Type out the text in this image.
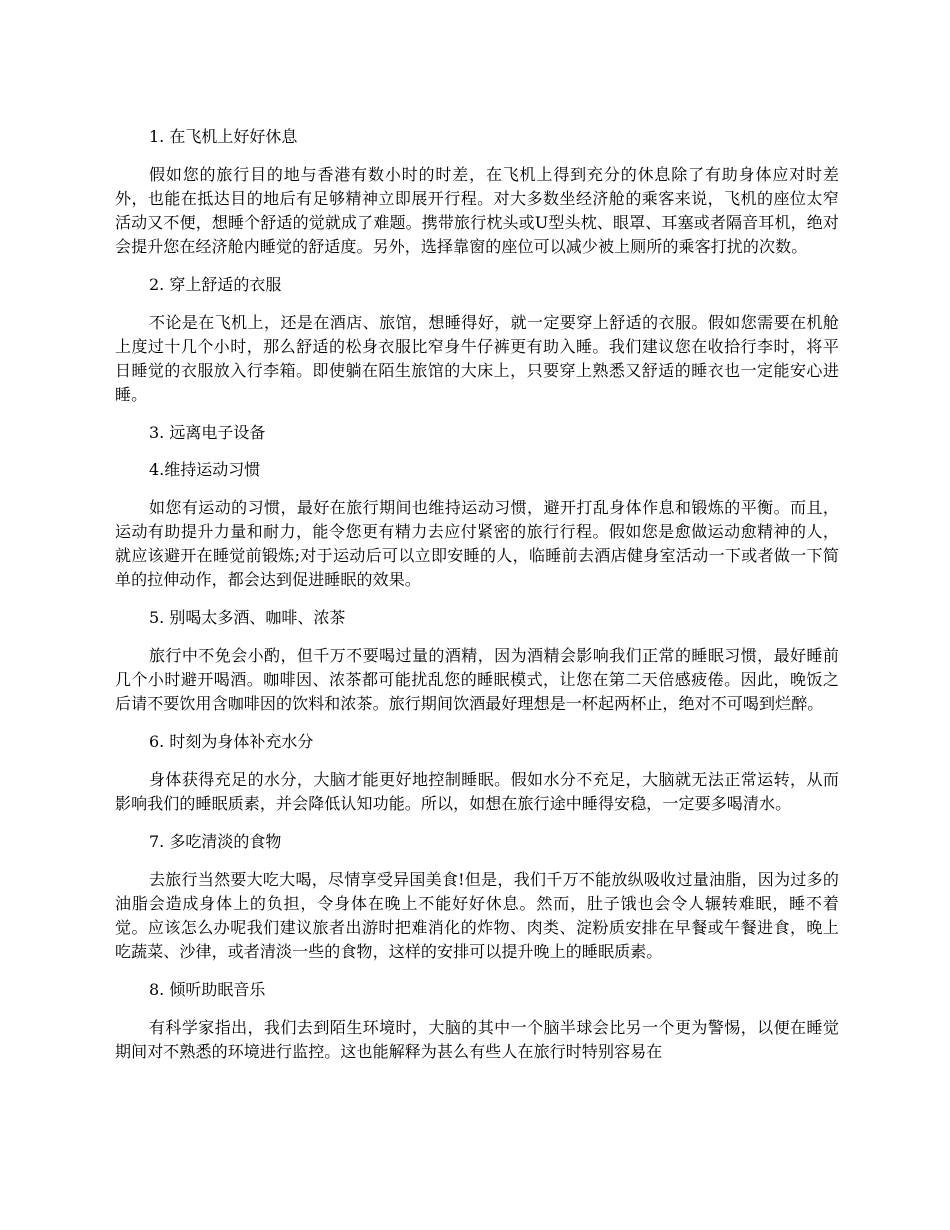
1. 在飞机上好好休息

假如您的旅行目的地与香港有数小时的时差，在飞机上得到充分的休息除了有助身体应对时差外，也能在抵达目的地后有足够精神立即展开行程。对大多数坐经济舱的乘客来说，飞机的座位太窄活动又不便，想睡个舒适的觉就成了难题。携带旅行枕头或U型头枕、眼罩、耳塞或者隔音耳机，绝对会提升您在经济舱内睡觉的舒适度。另外，选择靠窗的座位可以减少被上厕所的乘客打扰的次数。

2. 穿上舒适的衣服

不论是在飞机上，还是在酒店、旅馆，想睡得好，就一定要穿上舒适的衣服。假如您需要在机舱上度过十几个小时，那么舒适的松身衣服比窄身牛仔裤更有助入睡。我们建议您在收拾行李时，将平日睡觉的衣服放入行李箱。即使躺在陌生旅馆的大床上，只要穿上熟悉又舒适的睡衣也一定能安心进睡。

3. 远离电子设备
4.维持运动习惯

如您有运动的习惯，最好在旅行期间也维持运动习惯，避开打乱身体作息和锻炼的平衡。而且，运动有助提升力量和耐力，能令您更有精力去应付紧密的旅行行程。假如您是愈做运动愈精神的人，就应该避开在睡觉前锻炼;对于运动后可以立即安睡的人，临睡前去酒店健身室活动一下或者做一下简单的拉伸动作，都会达到促进睡眠的效果。

5. 别喝太多酒、咖啡、浓茶

旅行中不免会小酌，但千万不要喝过量的酒精，因为酒精会影响我们正常的睡眠习惯，最好睡前几个小时避开喝酒。咖啡因、浓茶都可能扰乱您的睡眠模式，让您在第二天倍感疲倦。因此，晚饭之后请不要饮用含咖啡因的饮料和浓茶。旅行期间饮酒最好理想是一杯起两杯止，绝对不可喝到烂醉。

6. 时刻为身体补充水分

身体获得充足的水分，大脑才能更好地控制睡眠。假如水分不充足，大脑就无法正常运转，从而影响我们的睡眠质素，并会降低认知功能。所以，如想在旅行途中睡得安稳，一定要多喝清水。

7. 多吃清淡的食物

去旅行当然要大吃大喝，尽情享受异国美食!但是，我们千万不能放纵吸收过量油脂，因为过多的油脂会造成身体上的负担，令身体在晚上不能好好休息。然而，肚子饿也会令人辗转难眠，睡不着觉。应该怎么办呢我们建议旅者出游时把难消化的炸物、肉类、淀粉质安排在早餐或午餐进食，晚上吃蔬菜、沙律，或者清淡一些的食物，这样的安排可以提升晚上的睡眠质素。

8. 倾听助眠音乐

有科学家指出，我们去到陌生环境时，大脑的其中一个脑半球会比另一个更为警惕，以便在睡觉期间对不熟悉的环境进行监控。这也能解释为甚么有些人在旅行时特别容易在
